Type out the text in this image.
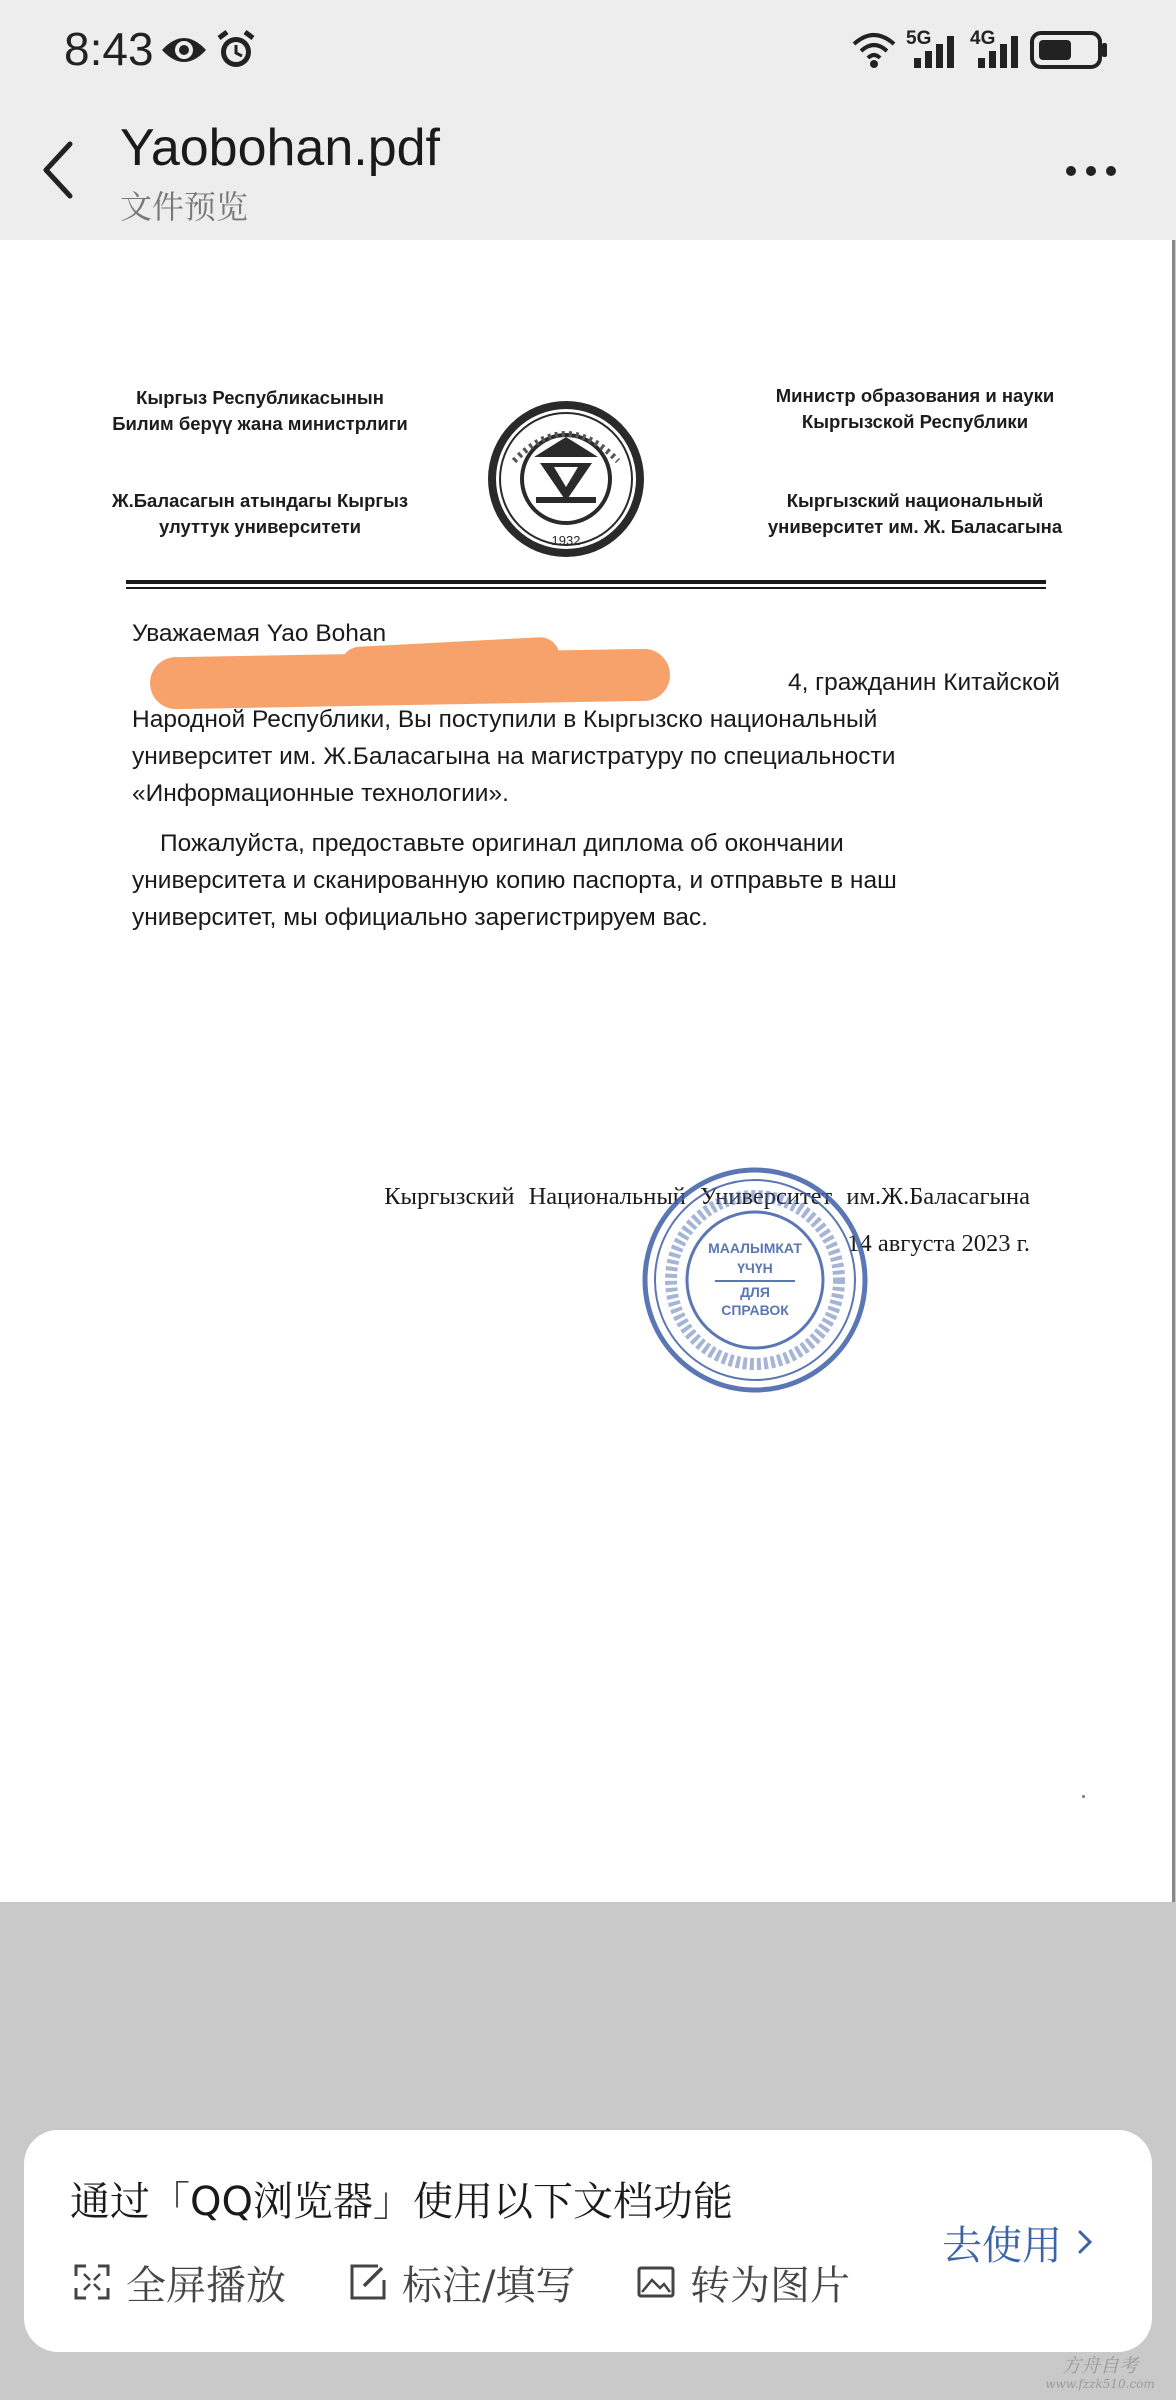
8:43	5G 4G
Yaobohan.pdf
文件预览
Кыргыз Республикасынын Билим берүү жана министрлиги
Ж.Баласагын атындагы Кыргыз улуттук университети
Министр образования и науки Кыргызской Республики
Кыргызский национальный университет им. Ж. Баласагына
1932
Уважаемая Yao Bohan
4, гражданин Китайской
Народной Республики, Вы поступили в Кыргызско национальный
университет им. Ж.Баласагына на магистратуру по специальности
«Информационные технологии».
Пожалуйста, предоставьте оригинал диплома об окончании
университета и сканированную копию паспорта, и отправьте в наш
университет, мы официально зарегистрируем вас.
Кыргызский Национальный Университет им.Ж.Баласагына
14 августа 2023 г.
МААЛЫМКАТ
ҮЧҮН
ДЛЯ
СПРАВОК
通过「QQ浏览器」使用以下文档功能
全屏播放	标注/填写	转为图片
去使用
方舟自考
www.fzzk510.com
